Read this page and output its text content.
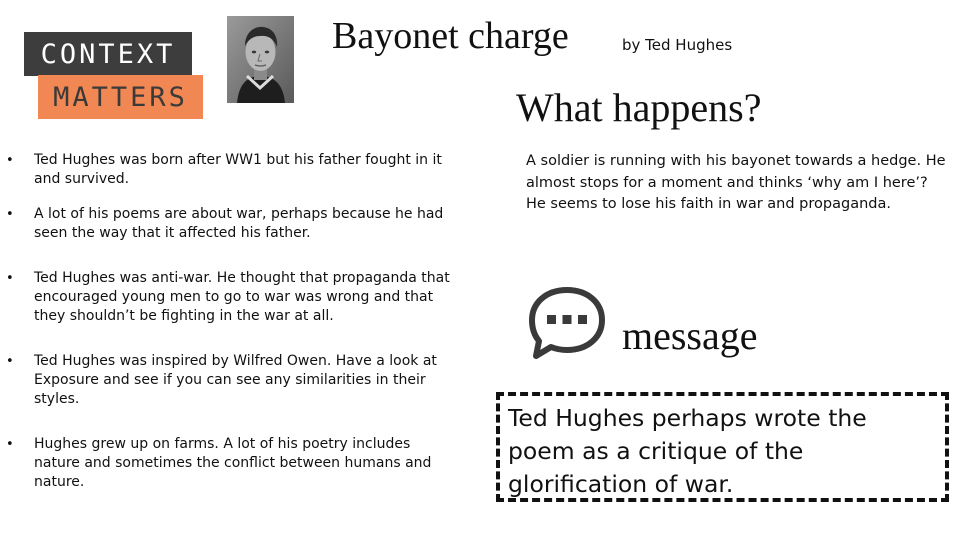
CONTEXT
MATTERS
Bayonet charge	by Ted Hughes
What happens?
• Ted Hughes was born after WW1 but his father fought in it and survived.
• A lot of his poems are about war, perhaps because he had seen the way that it affected his father.
• Ted Hughes was anti-war. He thought that propaganda that encouraged young men to go to war was wrong and that they shouldn’t be fighting in the war at all.
• Ted Hughes was inspired by Wilfred Owen. Have a look at Exposure and see if you can see any similarities in their styles.
• Hughes grew up on farms. A lot of his poetry includes nature and sometimes the conflict between humans and nature.
A soldier is running with his bayonet towards a hedge. He almost stops for a moment and thinks ‘why am I here’? He seems to lose his faith in war and propaganda.
message
Ted Hughes perhaps wrote the poem as a critique of the glorification of war.
